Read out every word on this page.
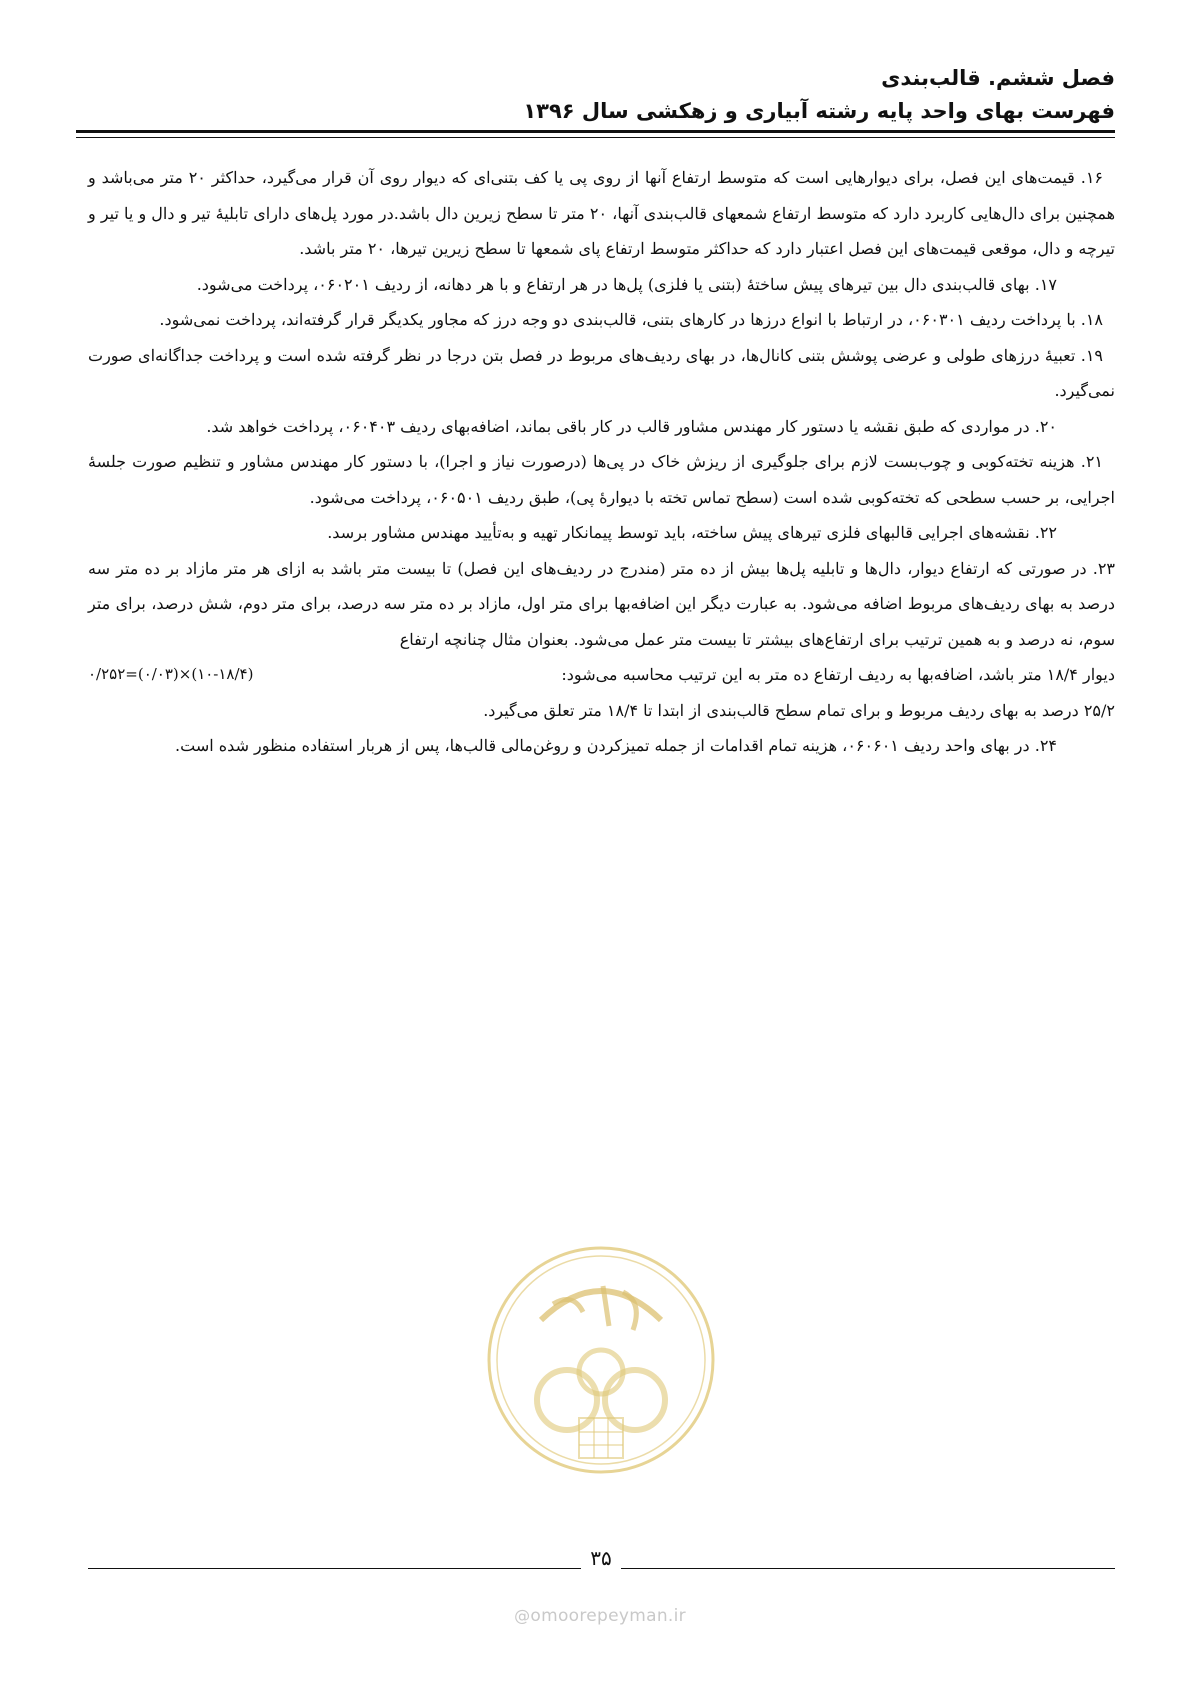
فصل ششم. قالب‌بندی
فهرست بهای واحد پایه رشته آبیاری و زهکشی سال ۱۳۹۶

۱۶. قیمت‌های این فصل، برای دیوارهایی است که متوسط ارتفاع آنها از روی پی یا کف بتنی‌ای که دیوار روی آن قرار می‌گیرد، حداکثر ۲۰ متر می‌باشد و همچنین برای دال‌هایی کاربرد دارد که متوسط ارتفاع شمعهای قالب‌بندی آنها، ۲۰ متر تا سطح زیرین دال باشد.در مورد پل‌های دارای تابلیهٔ تیر و دال و یا تیر و تیرچه و دال، موقعی قیمت‌های این فصل اعتبار دارد که حداکثر متوسط ارتفاع پای شمعها تا سطح زیرین تیرها، ۲۰ متر باشد.

۱۷. بهای قالب‌بندی دال بین تیرهای پیش ساختهٔ (بتنی یا فلزی) پل‌ها در هر ارتفاع و با هر دهانه، از ردیف ۰۶۰۲۰۱، پرداخت می‌شود.

۱۸. با پرداخت ردیف ۰۶۰۳۰۱، در ارتباط با انواع درزها در کارهای بتنی، قالب‌بندی دو وجه درز که مجاور یکدیگر قرار گرفته‌اند، پرداخت نمی‌شود.

۱۹. تعبیهٔ درزهای طولی و عرضی پوشش بتنی کانال‌ها، در بهای ردیف‌های مربوط در فصل بتن درجا در نظر گرفته شده است و پرداخت جداگانه‌ای صورت نمی‌گیرد.

۲۰. در مواردی که طبق نقشه یا دستور کار مهندس مشاور قالب در کار باقی بماند، اضافه‌بهای ردیف ۰۶۰۴۰۳، پرداخت خواهد شد.

۲۱. هزینه تخته‌کوبی و چوب‌بست لازم برای جلوگیری از ریزش خاک در پی‌ها (درصورت نیاز و اجرا)، با دستور کار مهندس مشاور و تنظیم صورت جلسهٔ اجرایی، بر حسب سطحی که تخته‌کوبی شده است (سطح تماس تخته با دیوارهٔ پی)، طبق ردیف ۰۶۰۵۰۱، پرداخت می‌شود.

۲۲. نقشه‌های اجرایی قالبهای فلزی تیرهای پیش ساخته، باید توسط پیمانکار تهیه و به‌تأیید مهندس مشاور برسد.

۲۳. در صورتی که ارتفاع دیوار، دال‌ها و تابلیه پل‌ها بیش از ده متر (مندرج در ردیف‌های این فصل) تا بیست متر باشد به ازای هر متر مازاد بر ده متر سه درصد به بهای ردیف‌های مربوط اضافه می‌شود. به عبارت دیگر این اضافه‌بها برای متر اول، مازاد بر ده متر سه درصد، برای متر دوم، شش درصد، برای متر سوم، نه درصد و به همین ترتیب برای ارتفاع‌های بیشتر تا بیست متر عمل می‌شود. بعنوان مثال چنانچه ارتفاع

دیوار ۱۸/۴ متر باشد، اضافه‌بها به ردیف ارتفاع ده متر به این ترتیب محاسبه می‌شود:
۰/۲۵۲=(۰/۰۳)×(۱۰-۱۸/۴)

۲۵/۲ درصد به بهای ردیف مربوط و برای تمام سطح قالب‌بندی از ابتدا تا ۱۸/۴ متر تعلق می‌گیرد.

۲۴. در بهای واحد ردیف ۰۶۰۶۰۱، هزینه تمام اقدامات از جمله تمیزکردن و روغن‌مالی قالب‌ها، پس از هربار استفاده منظور شده است.

۳۵
@omoorepeyman.ir
